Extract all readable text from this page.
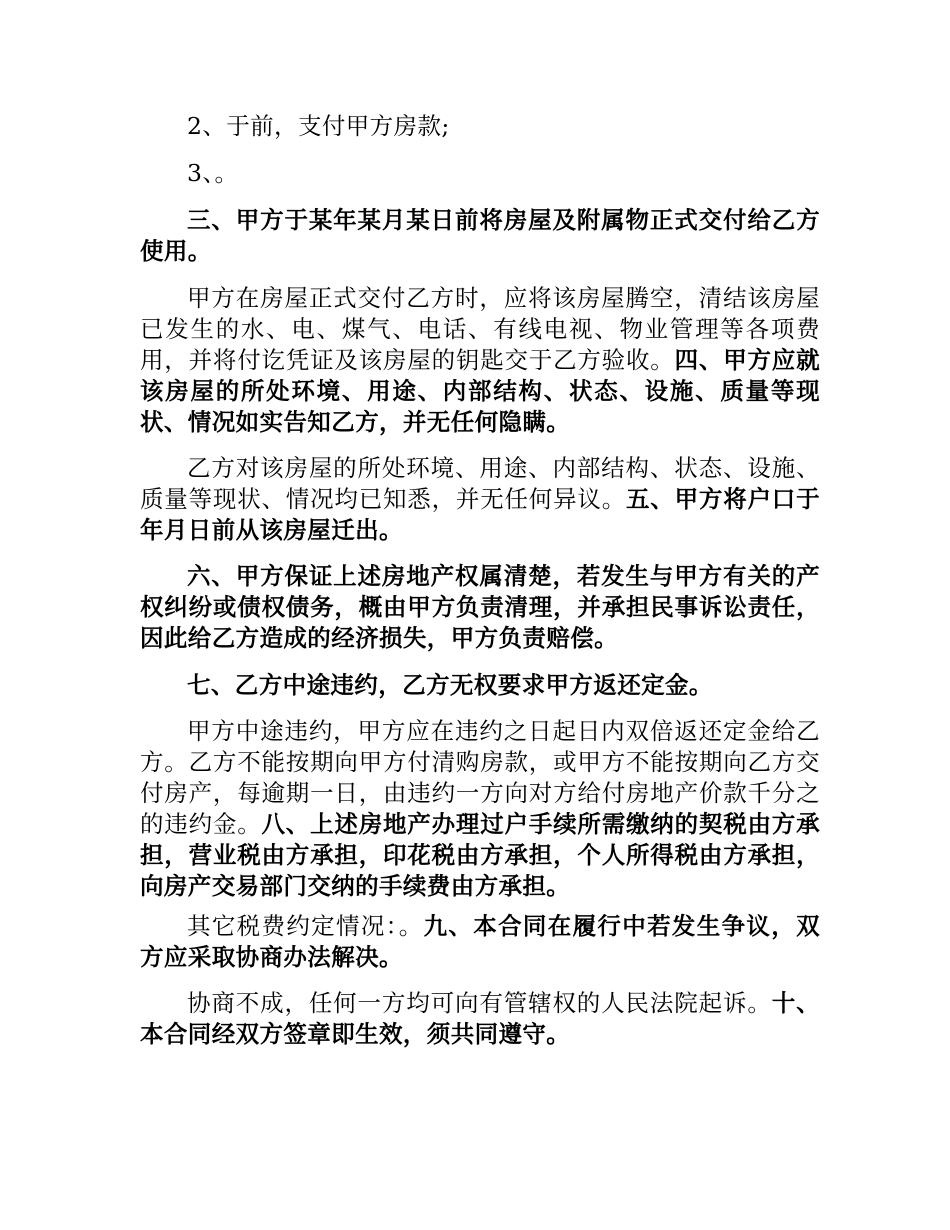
2、于前，支付甲方房款;

3、。

三、甲方于某年某月某日前将房屋及附属物正式交付给乙方使用。

甲方在房屋正式交付乙方时，应将该房屋腾空，清结该房屋已发生的水、电、煤气、电话、有线电视、物业管理等各项费用，并将付讫凭证及该房屋的钥匙交于乙方验收。四、甲方应就该房屋的所处环境、用途、内部结构、状态、设施、质量等现状、情况如实告知乙方，并无任何隐瞒。

乙方对该房屋的所处环境、用途、内部结构、状态、设施、质量等现状、情况均已知悉，并无任何异议。五、甲方将户口于年月日前从该房屋迁出。

六、甲方保证上述房地产权属清楚，若发生与甲方有关的产权纠纷或债权债务，概由甲方负责清理，并承担民事诉讼责任，因此给乙方造成的经济损失，甲方负责赔偿。

七、乙方中途违约，乙方无权要求甲方返还定金。

甲方中途违约，甲方应在违约之日起日内双倍返还定金给乙方。乙方不能按期向甲方付清购房款，或甲方不能按期向乙方交付房产，每逾期一日，由违约一方向对方给付房地产价款千分之的违约金。八、上述房地产办理过户手续所需缴纳的契税由方承担，营业税由方承担，印花税由方承担，个人所得税由方承担，向房产交易部门交纳的手续费由方承担。

其它税费约定情况：。九、本合同在履行中若发生争议，双方应采取协商办法解决。

协商不成，任何一方均可向有管辖权的人民法院起诉。十、本合同经双方签章即生效，须共同遵守。
